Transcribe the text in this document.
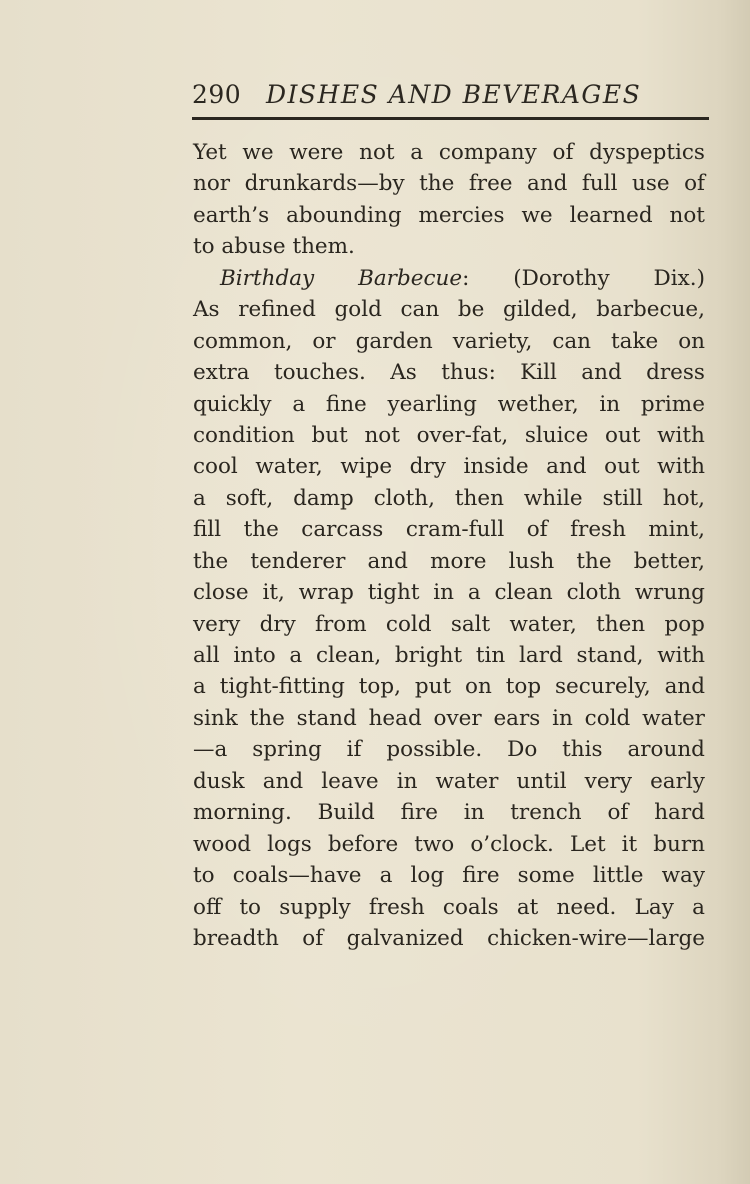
290 DISHES AND BEVERAGES
Yet we were not a company of dyspeptics
nor drunkards—by the free and full use of
earth’s abounding mercies we learned not
to abuse them.
Birthday Barbecue: (Dorothy Dix.)
As refined gold can be gilded, barbecue,
common, or garden variety, can take on
extra touches. As thus: Kill and dress
quickly a fine yearling wether, in prime
condition but not over-fat, sluice out with
cool water, wipe dry inside and out with
a soft, damp cloth, then while still hot,
fill the carcass cram-full of fresh mint,
the tenderer and more lush the better,
close it, wrap tight in a clean cloth wrung
very dry from cold salt water, then pop
all into a clean, bright tin lard stand, with
a tight-fitting top, put on top securely, and
sink the stand head over ears in cold water
—a spring if possible. Do this around
dusk and leave in water until very early
morning. Build fire in trench of hard
wood logs before two o’clock. Let it burn
to coals—have a log fire some little way
off to supply fresh coals at need. Lay a
breadth of galvanized chicken-wire—large
